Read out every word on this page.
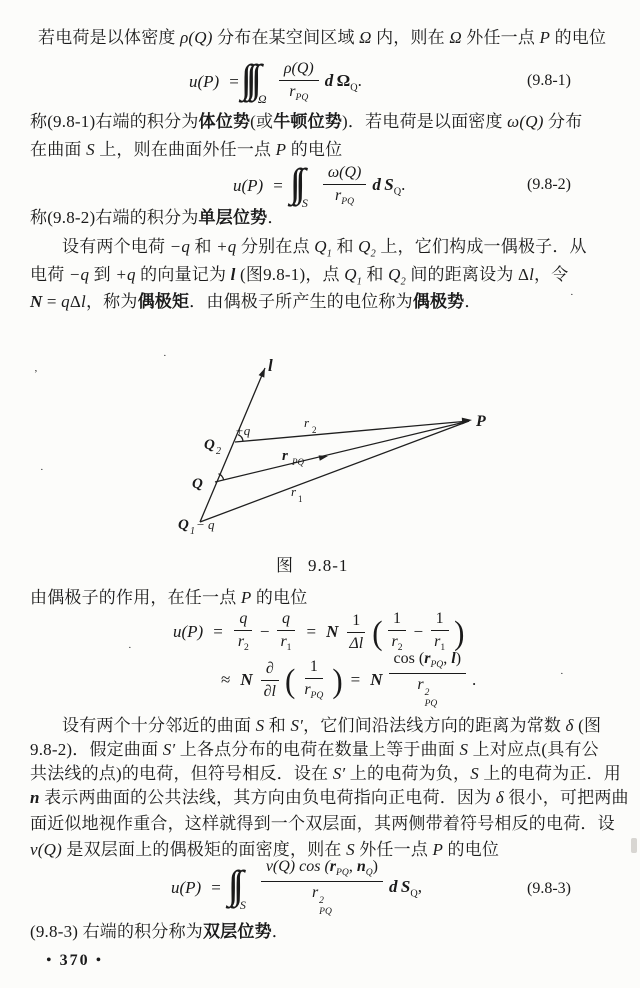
若电荷是以体密度 ρ(Q) 分布在某空间区域 Ω 内，则在 Ω 外任一点 P 的电位
称(9.8-1)右端的积分为体位势(或牛顿位势)．若电荷是以面密度 ω(Q) 分布
在曲面 S 上，则在曲面外任一点 P 的电位
称(9.8-2)右端的积分为单层位势．
设有两个电荷 −q 和 +q 分别在点 $Q_1$ 和 $Q_2$ 上，它们构成一偶极子．从
电荷 −q 到 +q 的向量记为 l (图9.8-1)，点 $Q_1$ 和 $Q_2$ 间的距离设为 Δl，令
N = qΔl，称为偶极矩．由偶极子所产生的电位称为偶极势．
由偶极子的作用，在任一点 P 的电位
设有两个十分邻近的曲面 S 和 S′，它们间沿法线方向的距离为常数 δ (图
9.8-2)．假定曲面 S′ 上各点分布的电荷在数量上等于曲面 S 上对应点(具有公
共法线的点)的电荷，但符号相反．设在 S′ 上的电荷为负，S 上的电荷为正．用
n 表示两曲面的公共法线，其方向由负电荷指向正电荷．因为 δ 很小，可把两曲
面近似地视作重合，这样就得到一个双层面，其两侧带着符号相反的电荷．设
ν(Q) 是双层面上的偶极矩的面密度，则在 S 外任一点 P 的电位
(9.8-3) 右端的积分称为双层位势．
u(P) =
Ω $\frac{\rho(Q)}{r_{PQ}}$ d  $\Omega_Q$.	(9.8-1)
u(P) =
S $\frac{\omega(Q)}{r_{PQ}}$ d  $S_Q$.	(9.8-2)
l
+q
Q 2
r 2
r PQ
Q	r 1
Q 1 − q
P
图 9.8-1
$u(P) = \frac{q}{r_2} - \frac{q}{r_1} = N \frac{1}{\Delta l}$ ( $\frac{1}{r_2} - \frac{1}{r_1}$ )
≈ N $\frac{\partial}{\partial l}$ ( $\frac{1}{r_{PQ}}$ ) = N $\cos (r_{PQ}$, l)
r 2
PQ .
u(P) =
S ν(Q) $\cos (r_{PQ}$, $n_Q$)
r 2
PQ d  $S_Q$,	(9.8-3)
• 370 •
’
·
·
·
·
·
